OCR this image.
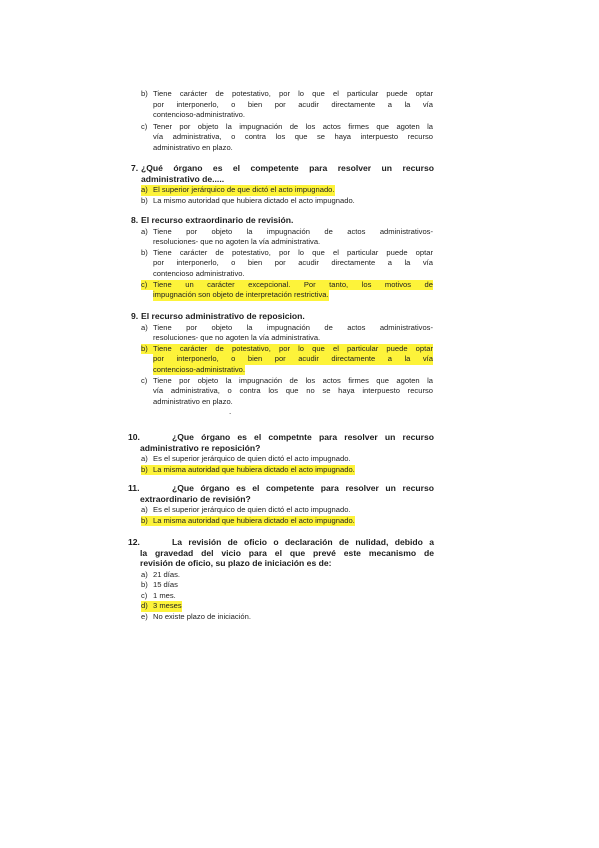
b) Tiene carácter de potestativo, por lo que el particular puede optar
por interponerlo, o bien por acudir directamente a la vía
contencioso-administrativo.
c) Tener por objeto la impugnación de los actos firmes que agoten la
vía administrativa, o contra los que se haya interpuesto recurso
administrativo en plazo.
7. ¿Qué órgano es el competente para resolver un recurso
administrativo de.....
a) El superior jerárquico de que dictó el acto impugnado.
b) La mismo autoridad que hubiera dictado el acto impugnado.
8. El recurso extraordinario de revisión.
a) Tiene por objeto la impugnación de actos administrativos-
resoluciones- que no agoten la vía administrativa.
b) Tiene carácter de potestativo, por lo que el particular puede optar
por interponerlo, o bien por acudir directamente a la vía
contencioso administrativo.
c) Tiene un carácter excepcional. Por tanto, los motivos de
impugnación son objeto de interpretación restrictiva.
9. El recurso administrativo de reposicion.
a) Tiene por objeto la impugnación de actos administrativos-
resoluciones- que no agoten la vía administrativa.
b) Tiene carácter de potestativo, por lo que el particular puede optar
por interponerlo, o bien por acudir directamente a la vía
contencioso-administrativo.
c) Tiene por objeto la impugnación de los actos firmes que agoten la
vía administrativa, o contra los que no se haya interpuesto recurso
administrativo en plazo.
10.	¿Que órgano es el competnte para resolver un recurso
administrativo re reposición?
a) Es el superior jerárquico de quien dictó el acto impugnado.
b) La misma autoridad que hubiera dictado el acto impugnado.
11.	¿Que órgano es el competente para resolver un recurso
extraordinario de revisión?
a) Es el superior jerárquico de quien dictó el acto impugnado.
b) La misma autoridad que hubiera dictado el acto impugnado.
12.	La revisión de oficio o declaración de nulidad, debido a
la gravedad del vicio para el que prevé este mecanismo de
revisión de oficio, su plazo de iniciación es de:
a) 21 días.
b) 15 días
c) 1 mes.
d) 3 meses
e) No existe plazo de iniciación.
.
